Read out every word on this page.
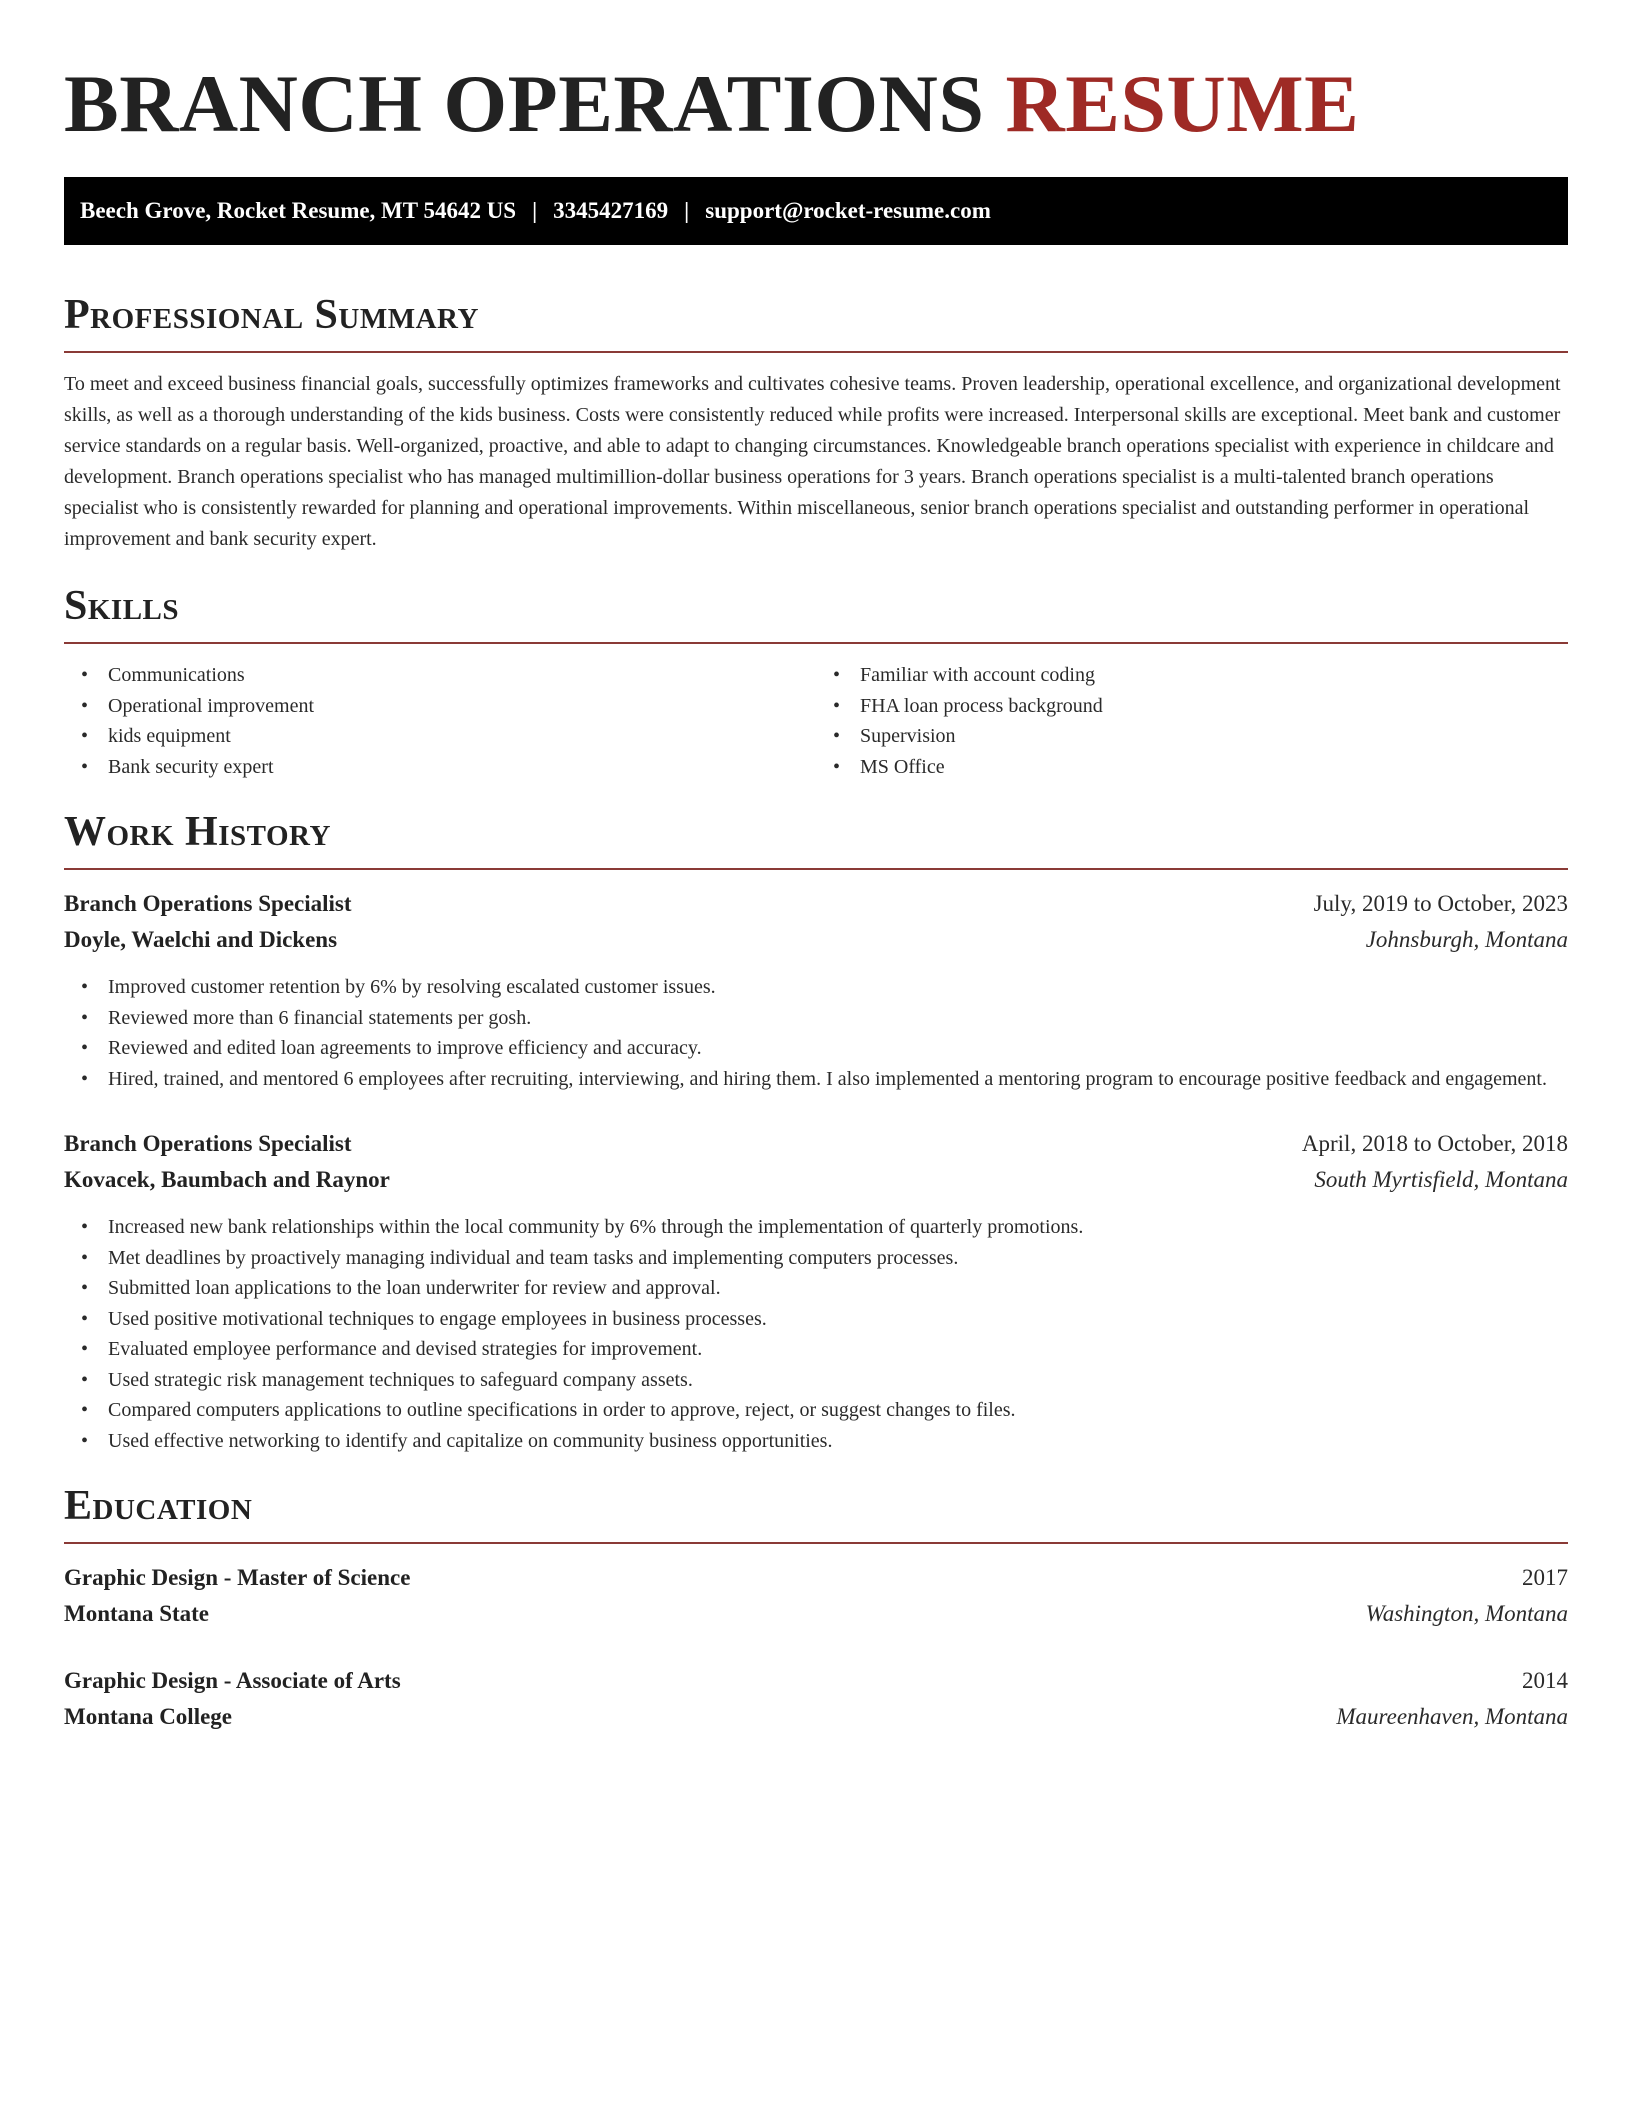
BRANCH OPERATIONS RESUME
Beech Grove, Rocket Resume, MT 54642 US | 3345427169 | support@rocket-resume.com
Professional Summary

To meet and exceed business financial goals, successfully optimizes frameworks and cultivates cohesive teams. Proven leadership, operational excellence, and organizational development skills, as well as a thorough understanding of the kids business. Costs were consistently reduced while profits were increased. Interpersonal skills are exceptional. Meet bank and customer service standards on a regular basis. Well-organized, proactive, and able to adapt to changing circumstances. Knowledgeable branch operations specialist with experience in childcare and development. Branch operations specialist who has managed multimillion-dollar business operations for 3 years. Branch operations specialist is a multi-talented branch operations specialist who is consistently rewarded for planning and operational improvements. Within miscellaneous, senior branch operations specialist and outstanding performer in operational improvement and bank security expert.

Skills
• Communications
• Operational improvement
• kids equipment
• Bank security expert
• Familiar with account coding
• FHA loan process background
• Supervision
• MS Office
Work History
Branch Operations Specialist	July, 2019 to October, 2023
Doyle, Waelchi and Dickens	Johnsburgh, Montana
• Improved customer retention by 6% by resolving escalated customer issues.
• Reviewed more than 6 financial statements per gosh.
• Reviewed and edited loan agreements to improve efficiency and accuracy.
• Hired, trained, and mentored 6 employees after recruiting, interviewing, and hiring them. I also implemented a mentoring program to encourage positive feedback and engagement.
Branch Operations Specialist	April, 2018 to October, 2018
Kovacek, Baumbach and Raynor	South Myrtisfield, Montana
• Increased new bank relationships within the local community by 6% through the implementation of quarterly promotions.
• Met deadlines by proactively managing individual and team tasks and implementing computers processes.
• Submitted loan applications to the loan underwriter for review and approval.
• Used positive motivational techniques to engage employees in business processes.
• Evaluated employee performance and devised strategies for improvement.
• Used strategic risk management techniques to safeguard company assets.
• Compared computers applications to outline specifications in order to approve, reject, or suggest changes to files.
• Used effective networking to identify and capitalize on community business opportunities.
Education
Graphic Design - Master of Science	2017
Montana State	Washington, Montana
Graphic Design - Associate of Arts	2014
Montana College	Maureenhaven, Montana
